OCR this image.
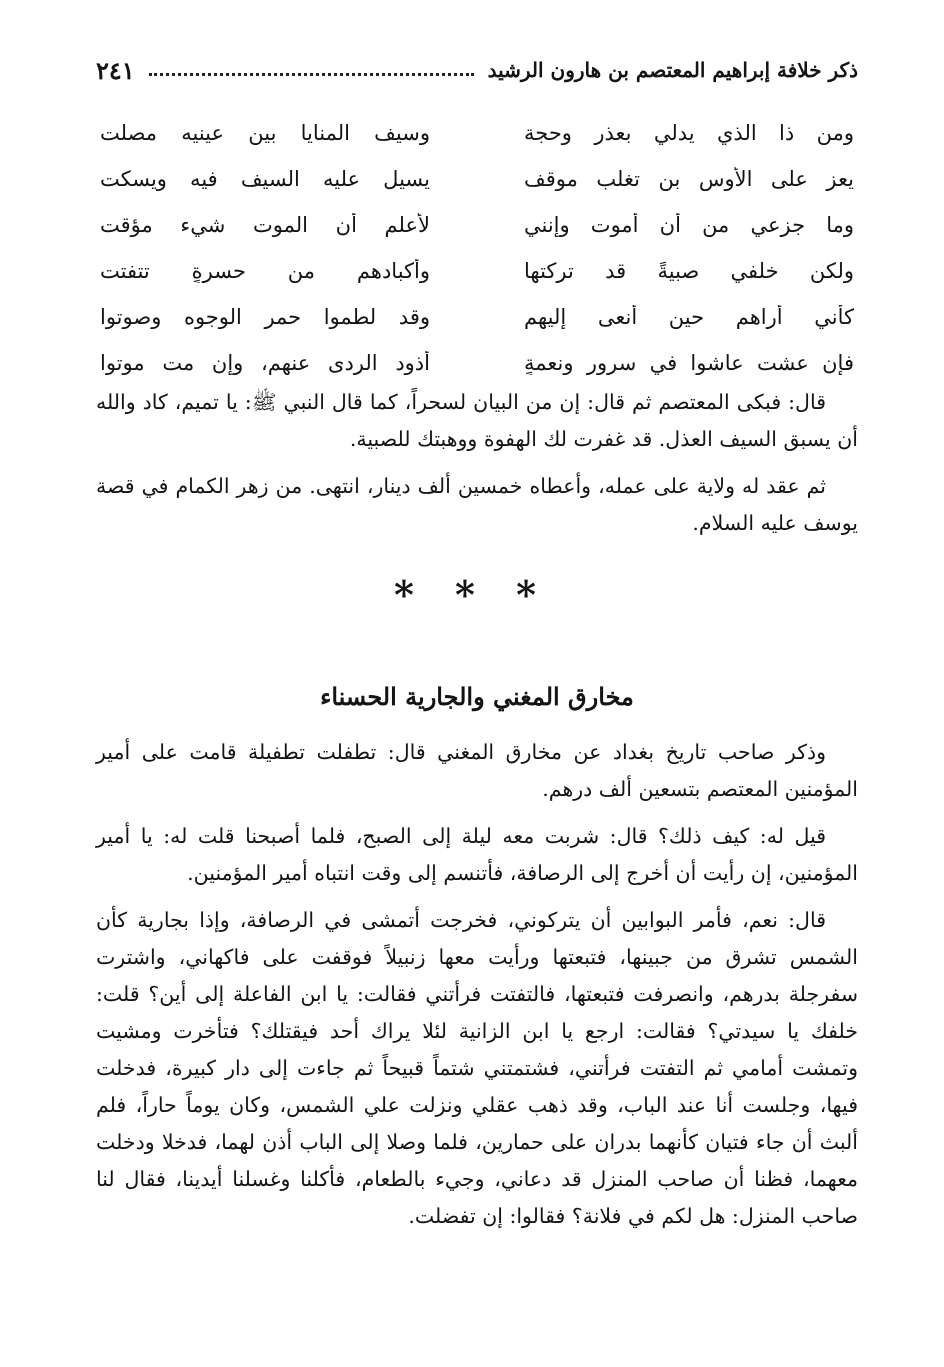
ذكر خلافة إبراهيم المعتصم بن هارون الرشيد
٢٤١
ومن ذا الذي يدلي بعذر وحجة
وسيف المنايا بين عينيه مصلت
يعز على الأوس بن تغلب موقف
يسيل عليه السيف فيه ويسكت
وما جزعي من أن أموت وإنني
لأعلم أن الموت شيء مؤقت
ولكن خلفي صبيةً قد تركتها
وأكبادهم من حسرةٍ تتفتت
كأني أراهم حين أنعى إليهم
وقد لطموا حمر الوجوه وصوتوا
فإن عشت عاشوا في سرور ونعمةٍ
أذود الردى عنهم، وإن مت موتوا

قال: فبكى المعتصم ثم قال: إن من البيان لسحراً، كما قال النبي ﷺ: يا تميم، كاد والله أن يسبق السيف العذل. قد غفرت لك الهفوة ووهبتك للصبية.

ثم عقد له ولاية على عمله، وأعطاه خمسين ألف دينار، انتهى. من زهر الكمام في قصة يوسف عليه السلام.

* * *
مخارق المغني والجارية الحسناء

وذكر صاحب تاريخ بغداد عن مخارق المغني قال: تطفلت تطفيلة قامت على أمير المؤمنين المعتصم بتسعين ألف درهم.

قيل له: كيف ذلك؟ قال: شربت معه ليلة إلى الصبح، فلما أصبحنا قلت له: يا أمير المؤمنين، إن رأيت أن أخرج إلى الرصافة، فأتنسم إلى وقت انتباه أمير المؤمنين.

قال: نعم، فأمر البوابين أن يتركوني، فخرجت أتمشى في الرصافة، وإذا بجارية كأن الشمس تشرق من جبينها، فتبعتها ورأيت معها زنبيلاً فوقفت على فاكهاني، واشترت سفرجلة بدرهم، وانصرفت فتبعتها، فالتفتت فرأتني فقالت: يا ابن الفاعلة إلى أين؟ قلت: خلفك يا سيدتي؟ فقالت: ارجع يا ابن الزانية لئلا يراك أحد فيقتلك؟ فتأخرت ومشيت وتمشت أمامي ثم التفتت فرأتني، فشتمتني شتماً قبيحاً ثم جاءت إلى دار كبيرة، فدخلت فيها، وجلست أنا عند الباب، وقد ذهب عقلي ونزلت علي الشمس، وكان يوماً حاراً، فلم ألبث أن جاء فتيان كأنهما بدران على حمارين، فلما وصلا إلى الباب أذن لهما، فدخلا ودخلت معهما، فظنا أن صاحب المنزل قد دعاني، وجيء بالطعام، فأكلنا وغسلنا أيدينا، فقال لنا صاحب المنزل: هل لكم في فلانة؟ فقالوا: إن تفضلت.
